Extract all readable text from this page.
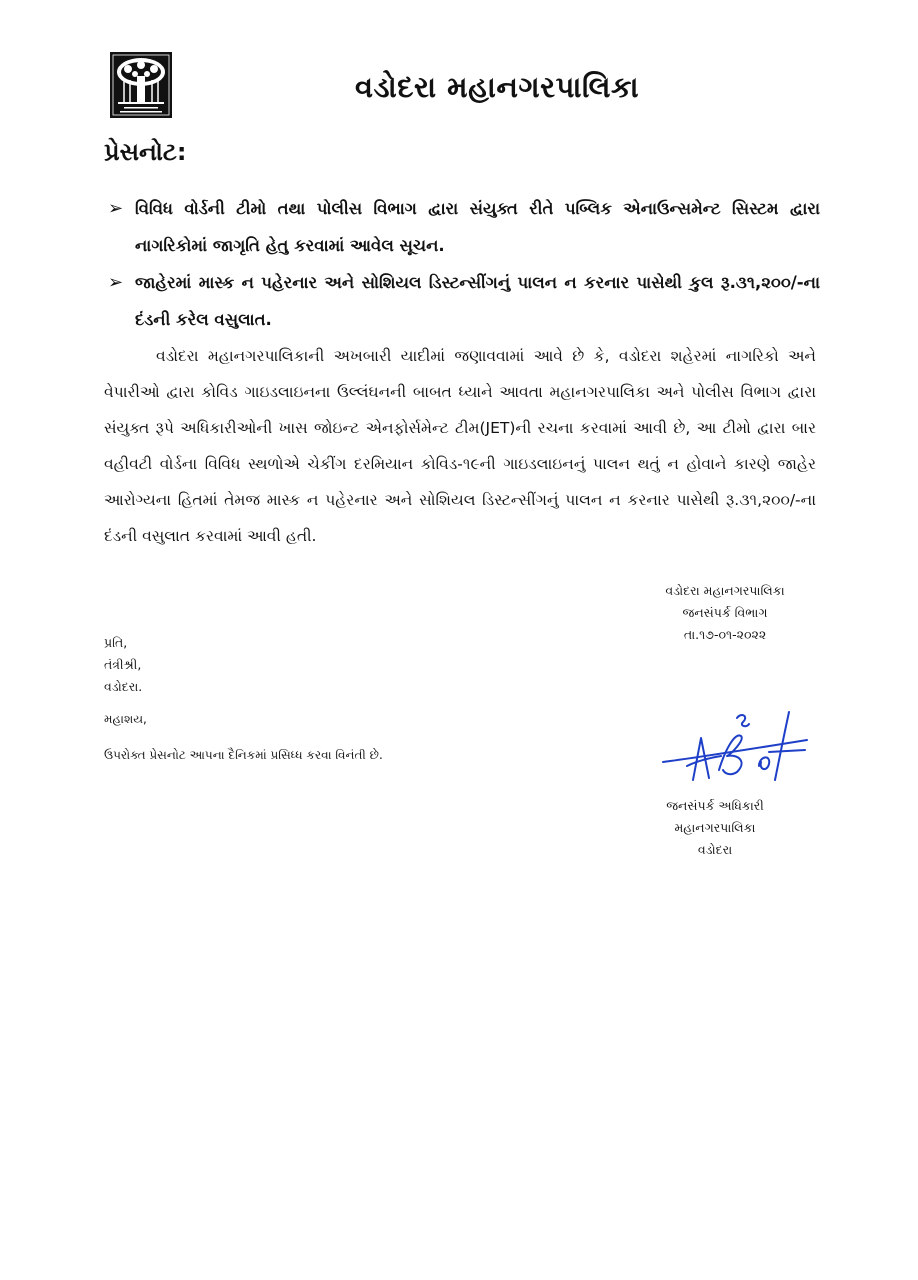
વડોદરા મહાનગરપાલિકા
પ્રેસનોટ:
➢ વિવિધ વોર્ડની ટીમો તથા પોલીસ વિભાગ દ્વારા સંયુક્ત રીતે પબ્લિક એનાઉન્સમેન્ટ સિસ્ટમ દ્વારા નાગરિકોમાં જાગૃતિ હેતુ કરવામાં આવેલ સૂચન.
➢ જાહેરમાં માસ્ક ન પહેરનાર અને સોશિયલ ડિસ્ટન્સીંગનું પાલન ન કરનાર પાસેથી કુલ રૂ.૩૧,૨૦૦/-ના દંડની કરેલ વસુલાત.
વડોદરા મહાનગરપાલિકાની અખબારી યાદીમાં જણાવવામાં આવે છે કે, વડોદરા શહેરમાં નાગરિકો અને વેપારીઓ દ્વારા કોવિડ ગાઇડલાઇનના ઉલ્લંઘનની બાબત ધ્યાને આવતા મહાનગરપાલિકા અને પોલીસ વિભાગ દ્વારા સંયુક્ત રૂપે અધિકારીઓની ખાસ જોઇન્ટ એનફોર્સમેન્ટ ટીમ(JET)ની રચના કરવામાં આવી છે, આ ટીમો દ્વારા બાર વહીવટી વોર્ડના વિવિધ સ્થળોએ ચેકીંગ દરમિયાન કોવિડ-૧૯ની ગાઇડલાઇનનું પાલન થતું ન હોવાને કારણે જાહેર આરોગ્યના હિતમાં તેમજ માસ્ક ન પહેરનાર અને સોશિયલ ડિસ્ટન્સીંગનું પાલન ન કરનાર પાસેથી રૂ.૩૧,૨૦૦/-ના દંડની વસુલાત કરવામાં આવી હતી.
વડોદરા મહાનગરપાલિકા
જનસંપર્ક વિભાગ
તા.૧૭-૦૧-૨૦૨૨
પ્રતિ,
તંત્રીશ્રી,
વડોદરા.
મહાશય,
ઉપરોક્ત પ્રેસનોટ આપના દૈનિકમાં પ્રસિધ્ધ કરવા વિનંતી છે.
જનસંપર્ક અધિકારી
મહાનગરપાલિકા
વડોદરા
